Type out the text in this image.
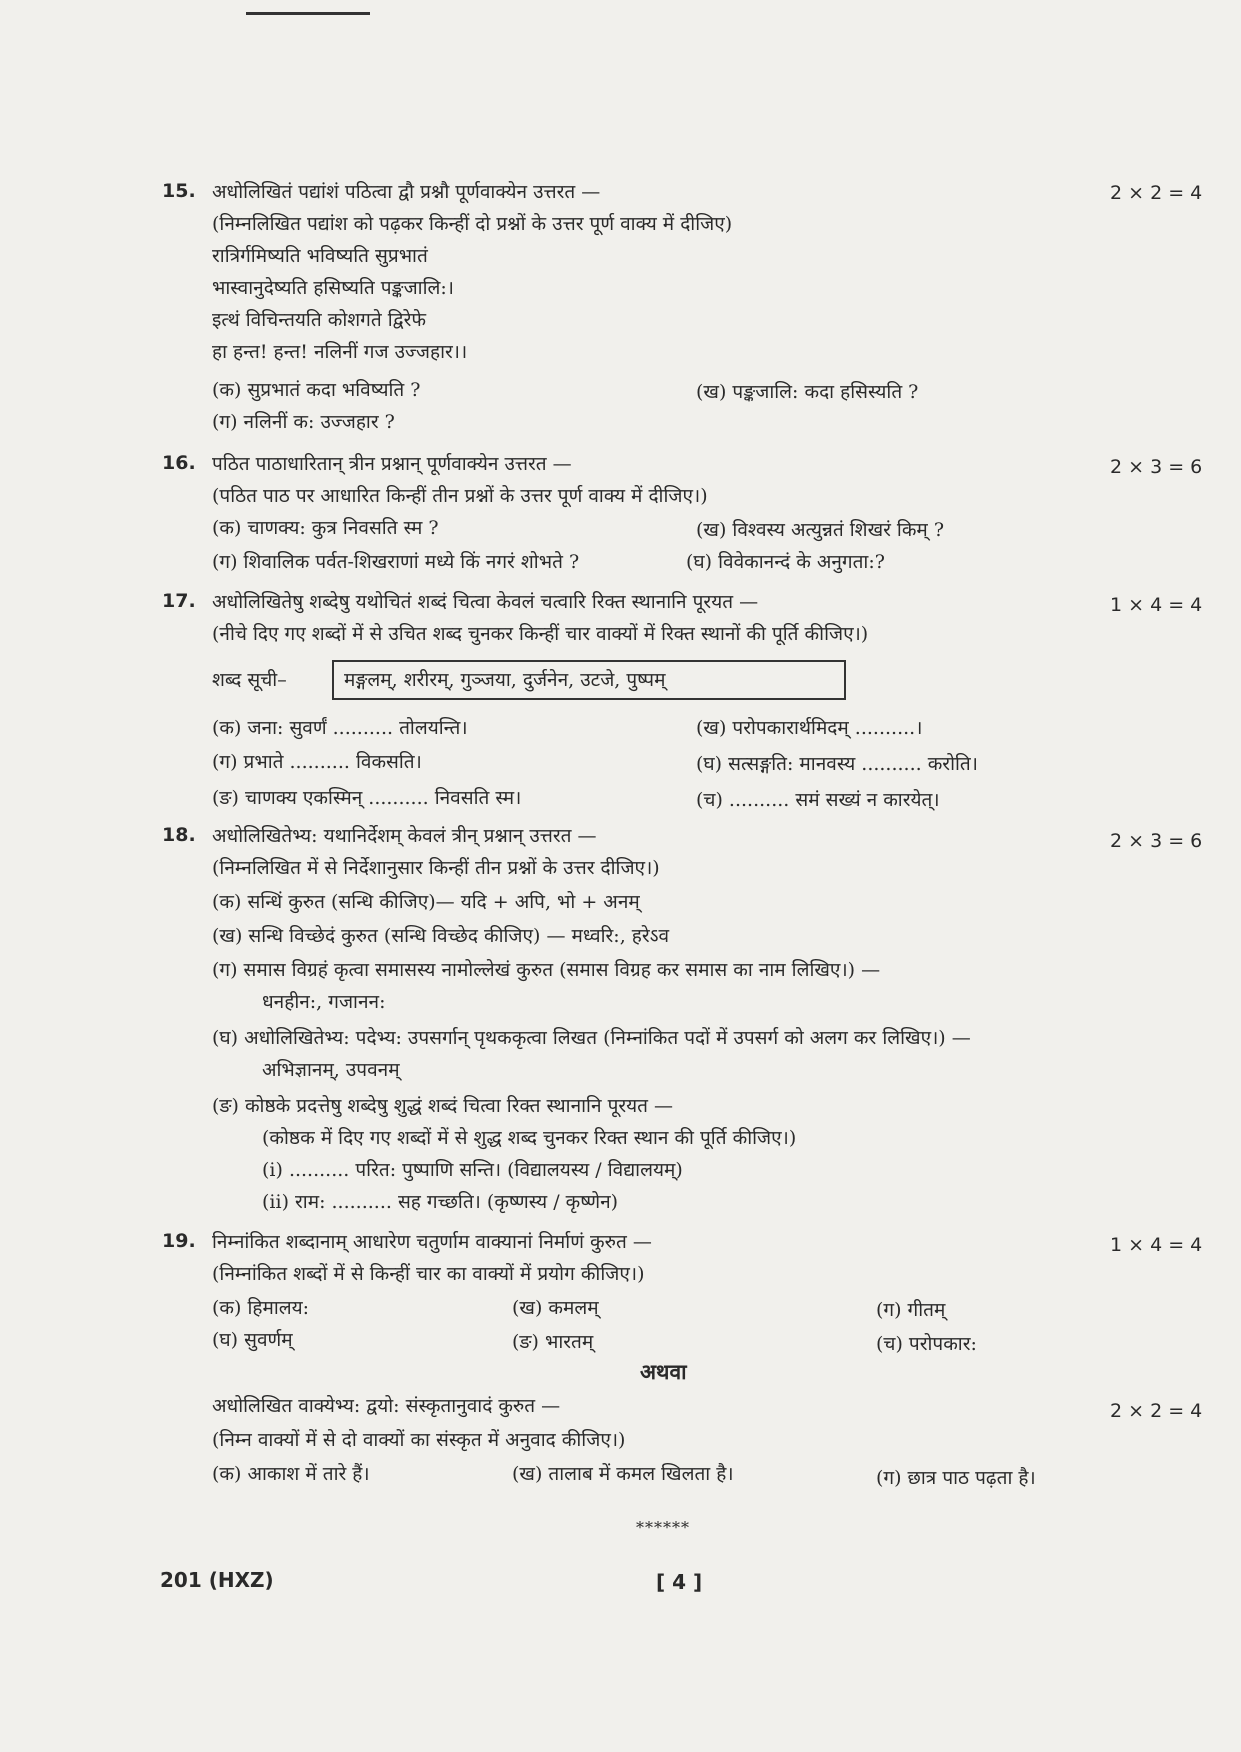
15. अधोलिखितं पद्यांशं पठित्वा द्वौ प्रश्नौ पूर्णवाक्येन उत्तरत —	2 × 2 = 4
(निम्नलिखित पद्यांश को पढ़कर किन्हीं दो प्रश्नों के उत्तर पूर्ण वाक्य में दीजिए)
रात्रिर्गमिष्यति भविष्यति सुप्रभातं
भास्वानुदेष्यति हसिष्यति पङ्कजालि:।
इत्थं विचिन्तयति कोशगते द्विरेफे
हा हन्त! हन्त! नलिनीं गज उज्जहार।।
(क) सुप्रभातं कदा भविष्यति ?	(ख) पङ्कजालि: कदा हसिस्यति ?
(ग) नलिनीं क: उज्जहार ?
16. पठित पाठाधारितान् त्रीन प्रश्नान् पूर्णवाक्येन उत्तरत —	2 × 3 = 6
(पठित पाठ पर आधारित किन्हीं तीन प्रश्नों के उत्तर पूर्ण वाक्य में दीजिए।)
(क) चाणक्य: कुत्र निवसति स्म ?	(ख) विश्वस्य अत्युन्नतं शिखरं किम् ?
(ग) शिवालिक पर्वत-शिखराणां मध्ये किं नगरं शोभते ?	(घ) विवेकानन्दं के अनुगता:?
17. अधोलिखितेषु शब्देषु यथोचितं शब्दं चित्वा केवलं चत्वारि रिक्त स्थानानि पूरयत —	1 × 4 = 4
(नीचे दिए गए शब्दों में से उचित शब्द चुनकर किन्हीं चार वाक्यों में रिक्त स्थानों की पूर्ति कीजिए।)
शब्द सूची–	मङ्गलम्, शरीरम्, गुञ्जया, दुर्जनेन, उटजे, पुष्पम्
(क) जना: सुवर्णं .......... तोलयन्ति।	(ख) परोपकारार्थमिदम् ..........।
(ग) प्रभाते .......... विकसति।	(घ) सत्सङ्गति: मानवस्य .......... करोति।
(ङ) चाणक्य एकस्मिन् .......... निवसति स्म।	(च) .......... समं सख्यं न कारयेत्।
18. अधोलिखितेभ्य: यथानिर्देशम् केवलं त्रीन् प्रश्नान् उत्तरत —	2 × 3 = 6
(निम्नलिखित में से निर्देशानुसार किन्हीं तीन प्रश्नों के उत्तर दीजिए।)
(क) सन्धिं कुरुत (सन्धि कीजिए)— यदि + अपि, भो + अनम्
(ख) सन्धि विच्छेदं कुरुत (सन्धि विच्छेद कीजिए) — मध्वरि:, हरेऽव
(ग) समास विग्रहं कृत्वा समासस्य नामोल्लेखं कुरुत (समास विग्रह कर समास का नाम लिखिए।) —
धनहीन:, गजानन:
(घ) अधोलिखितेभ्य: पदेभ्य: उपसर्गान् पृथककृत्वा लिखत (निम्नांकित पदों में उपसर्ग को अलग कर लिखिए।) —
अभिज्ञानम्, उपवनम्
(ङ) कोष्ठके प्रदत्तेषु शब्देषु शुद्धं शब्दं चित्वा रिक्त स्थानानि पूरयत —
(कोष्ठक में दिए गए शब्दों में से शुद्ध शब्द चुनकर रिक्त स्थान की पूर्ति कीजिए।)
(i) .......... परित: पुष्पाणि सन्ति। (विद्यालयस्य / विद्यालयम्)
(ii) राम: .......... सह गच्छति। (कृष्णस्य / कृष्णेन)
19. निम्नांकित शब्दानाम् आधारेण चतुर्णाम वाक्यानां निर्माणं कुरुत —	1 × 4 = 4
(निम्नांकित शब्दों में से किन्हीं चार का वाक्यों में प्रयोग कीजिए।)
(क) हिमालय:	(ख) कमलम्	(ग) गीतम्
(घ) सुवर्णम्	(ङ) भारतम्	(च) परोपकार:
अथवा
अधोलिखित वाक्येभ्य: द्वयो: संस्कृतानुवादं कुरुत —	2 × 2 = 4
(निम्न वाक्यों में से दो वाक्यों का संस्कृत में अनुवाद कीजिए।)
(क) आकाश में तारे हैं।	(ख) तालाब में कमल खिलता है।	(ग) छात्र पाठ पढ़ता है।
******
201 (HXZ)	[ 4 ]
